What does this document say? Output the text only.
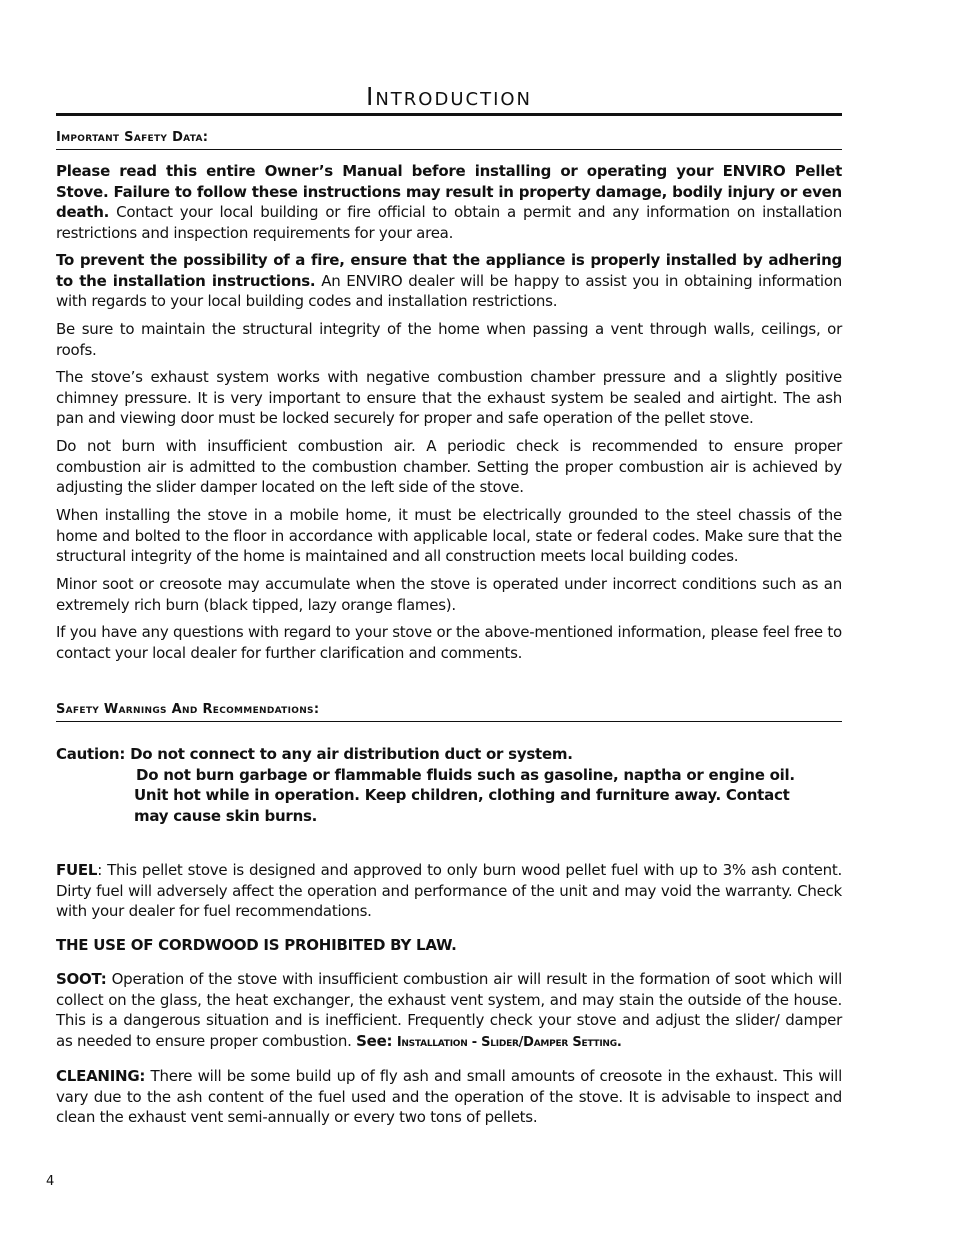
Introduction
Important Safety Data:

Please read this entire Owner’s Manual before installing or operating your ENVIRO Pellet Stove. Failure to follow these instructions may result in property damage, bodily injury or even death. Contact your local building or fire official to obtain a permit and any information on installation restrictions and inspection requirements for your area.

To prevent the possibility of a fire, ensure that the appliance is properly installed by adhering to the installation instructions. An ENVIRO dealer will be happy to assist you in obtaining information with regards to your local building codes and installation restrictions.

Be sure to maintain the structural integrity of the home when passing a vent through walls, ceilings, or roofs.

The stove’s exhaust system works with negative combustion chamber pressure and a slightly positive chimney pressure. It is very important to ensure that the exhaust system be sealed and airtight. The ash pan and viewing door must be locked securely for proper and safe operation of the pellet stove.

Do not burn with insufficient combustion air. A periodic check is recommended to ensure proper combustion air is admitted to the combustion chamber. Setting the proper combustion air is achieved by adjusting the slider damper located on the left side of the stove.

When installing the stove in a mobile home, it must be electrically grounded to the steel chassis of the home and bolted to the floor in accordance with applicable local, state or federal codes. Make sure that the structural integrity of the home is maintained and all construction meets local building codes.

Minor soot or creosote may accumulate when the stove is operated under incorrect conditions such as an extremely rich burn (black tipped, lazy orange flames).

If you have any questions with regard to your stove or the above-mentioned information, please feel free to contact your local dealer for further clarification and comments.

Safety Warnings And Recommendations:
Caution: Do not connect to any air distribution duct or system.
Do not burn garbage or flammable fluids such as gasoline, naptha or engine oil.
Unit hot while in operation. Keep children, clothing and furniture away. Contact
may cause skin burns.

FUEL: This pellet stove is designed and approved to only burn wood pellet fuel with up to 3% ash content. Dirty fuel will adversely affect the operation and performance of the unit and may void the warranty. Check with your dealer for fuel recommendations.

THE USE OF CORDWOOD IS PROHIBITED BY LAW.

SOOT: Operation of the stove with insufficient combustion air will result in the formation of soot which will collect on the glass, the heat exchanger, the exhaust vent system, and may stain the outside of the house. This is a dangerous situation and is inefficient. Frequently check your stove and adjust the slider/ damper as needed to ensure proper combustion. See: Installation - Slider/Damper Setting.

CLEANING: There will be some build up of fly ash and small amounts of creosote in the exhaust. This will vary due to the ash content of the fuel used and the operation of the stove. It is advisable to inspect and clean the exhaust vent semi-annually or every two tons of pellets.

4
